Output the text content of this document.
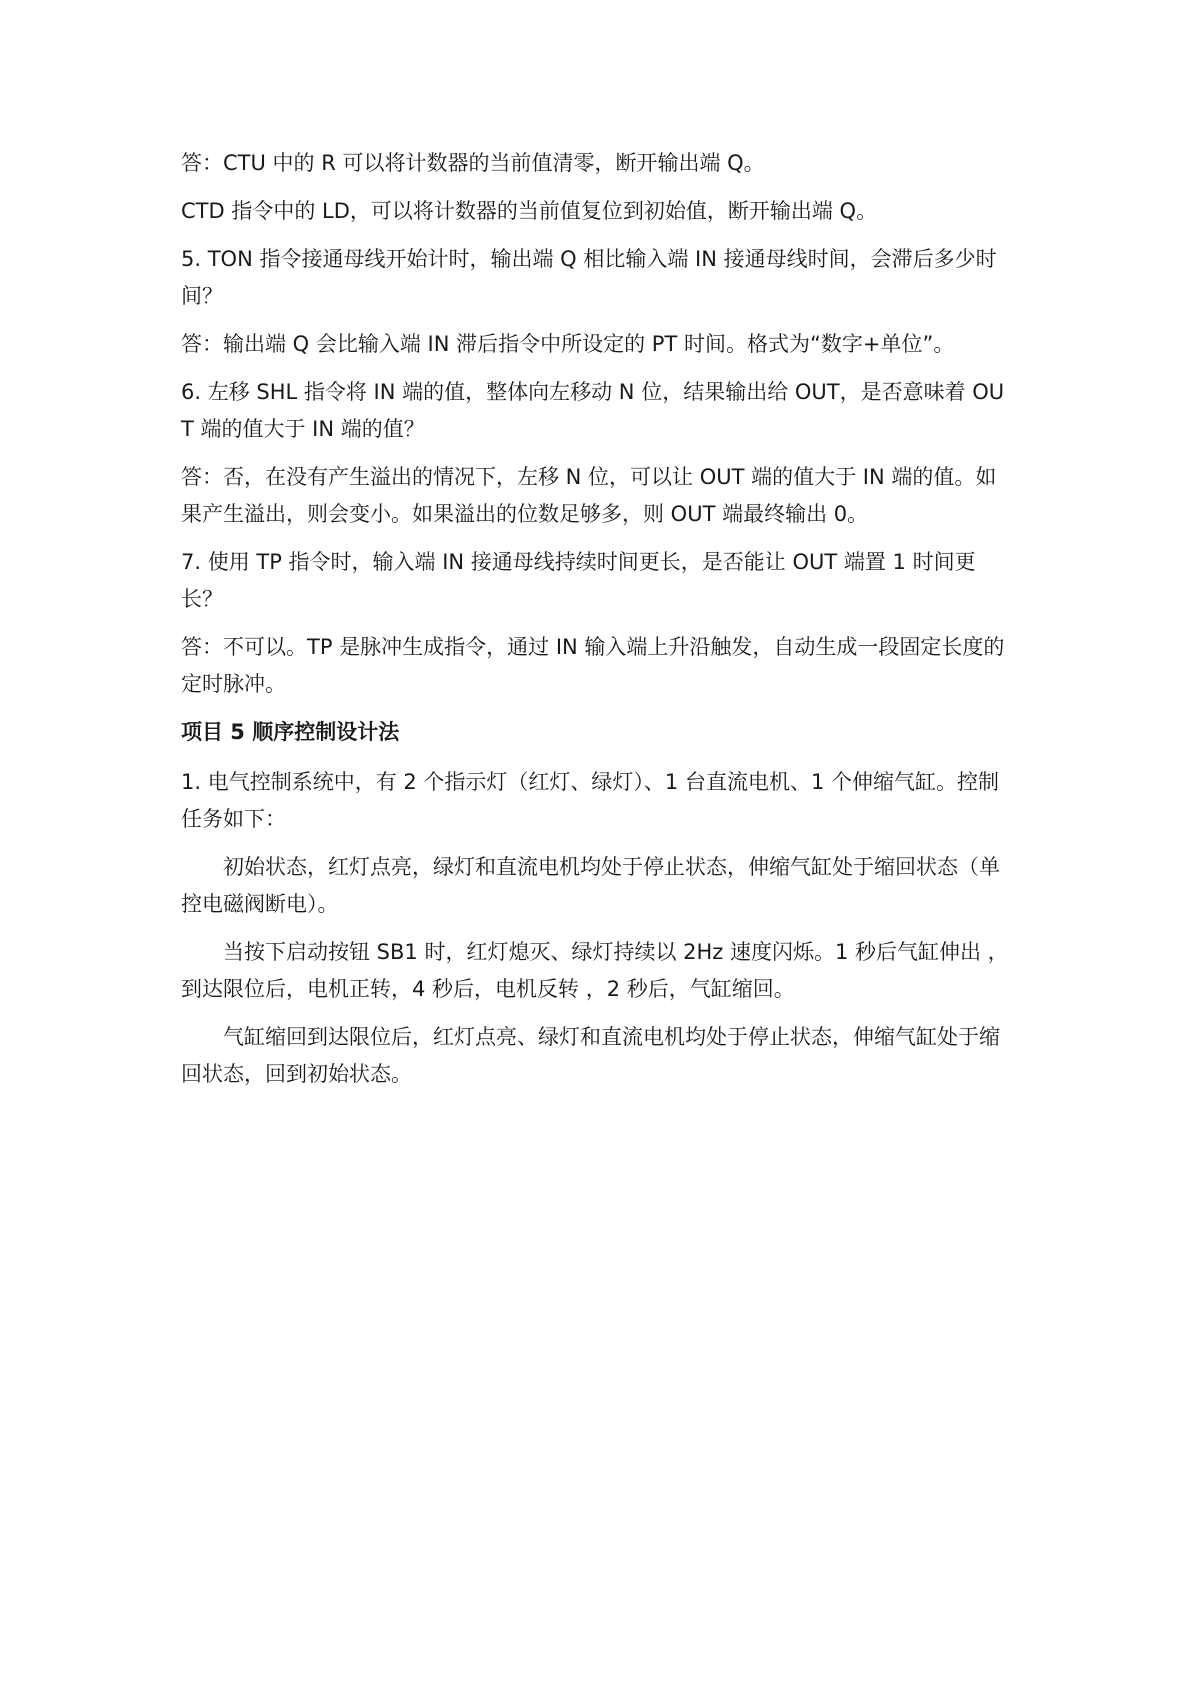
答：CTU 中的 R 可以将计数器的当前值清零，断开输出端 Q。

CTD 指令中的 LD，可以将计数器的当前值复位到初始值，断开输出端 Q。

5. TON 指令接通母线开始计时，输出端 Q 相比输入端 IN 接通母线时间，会滞后多少时间？

答：输出端 Q 会比输入端 IN 滞后指令中所设定的 PT 时间。格式为“数字+单位”。

6. 左移 SHL 指令将 IN 端的值，整体向左移动 N 位，结果输出给 OUT，是否意味着 OUT 端的值大于 IN 端的值？

答：否，在没有产生溢出的情况下，左移 N 位，可以让 OUT 端的值大于 IN 端的值。如果产生溢出，则会变小。如果溢出的位数足够多，则 OUT 端最终输出 0。

7. 使用 TP 指令时，输入端 IN 接通母线持续时间更长，是否能让 OUT 端置 1 时间更长？

答：不可以。TP 是脉冲生成指令，通过 IN 输入端上升沿触发，自动生成一段固定长度的定时脉冲。

项目 5 顺序控制设计法

1. 电气控制系统中，有 2 个指示灯（红灯、绿灯）、1 台直流电机、1 个伸缩气缸。控制任务如下：

初始状态，红灯点亮，绿灯和直流电机均处于停止状态，伸缩气缸处于缩回状态（单控电磁阀断电）。

当按下启动按钮 SB1 时，红灯熄灭、绿灯持续以 2Hz 速度闪烁。1 秒后气缸伸出 ，到达限位后，电机正转，4 秒后，电机反转 ，2 秒后，气缸缩回。

气缸缩回到达限位后，红灯点亮、绿灯和直流电机均处于停止状态，伸缩气缸处于缩回状态，回到初始状态。
